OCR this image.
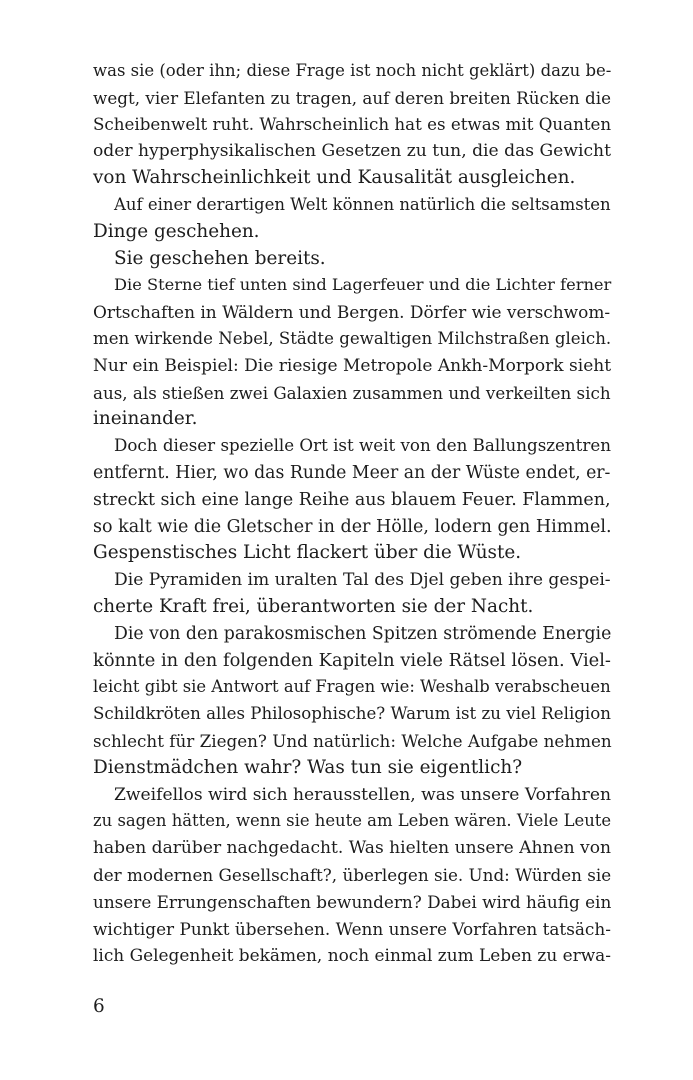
was sie (oder ihn; diese Frage ist noch nicht geklärt) dazu be-
wegt, vier Elefanten zu tragen, auf deren breiten Rücken die
Scheibenwelt ruht. Wahrscheinlich hat es etwas mit Quanten
oder hyperphysikalischen Gesetzen zu tun, die das Gewicht
von Wahrscheinlichkeit und Kausalität ausgleichen.
Auf einer derartigen Welt können natürlich die seltsamsten
Dinge geschehen.
Sie geschehen bereits.
Die Sterne tief unten sind Lagerfeuer und die Lichter ferner
Ortschaften in Wäldern und Bergen. Dörfer wie verschwom-
men wirkende Nebel, Städte gewaltigen Milchstraßen gleich.
Nur ein Beispiel: Die riesige Metropole Ankh-Morpork sieht
aus, als stießen zwei Galaxien zusammen und verkeilten sich
ineinander.
Doch dieser spezielle Ort ist weit von den Ballungszentren
entfernt. Hier, wo das Runde Meer an der Wüste endet, er-
streckt sich eine lange Reihe aus blauem Feuer. Flammen,
so kalt wie die Gletscher in der Hölle, lodern gen Himmel.
Gespenstisches Licht flackert über die Wüste.
Die Pyramiden im uralten Tal des Djel geben ihre gespei-
cherte Kraft frei, überantworten sie der Nacht.
Die von den parakosmischen Spitzen strömende Energie
könnte in den folgenden Kapiteln viele Rätsel lösen. Viel-
leicht gibt sie Antwort auf Fragen wie: Weshalb verabscheuen
Schildkröten alles Philosophische? Warum ist zu viel Religion
schlecht für Ziegen? Und natürlich: Welche Aufgabe nehmen
Dienstmädchen wahr? Was tun sie eigentlich?
Zweifellos wird sich herausstellen, was unsere Vorfahren
zu sagen hätten, wenn sie heute am Leben wären. Viele Leute
haben darüber nachgedacht. Was hielten unsere Ahnen von
der modernen Gesellschaft?, überlegen sie. Und: Würden sie
unsere Errungenschaften bewundern? Dabei wird häufig ein
wichtiger Punkt übersehen. Wenn unsere Vorfahren tatsäch-
lich Gelegenheit bekämen, noch einmal zum Leben zu erwa-
6
